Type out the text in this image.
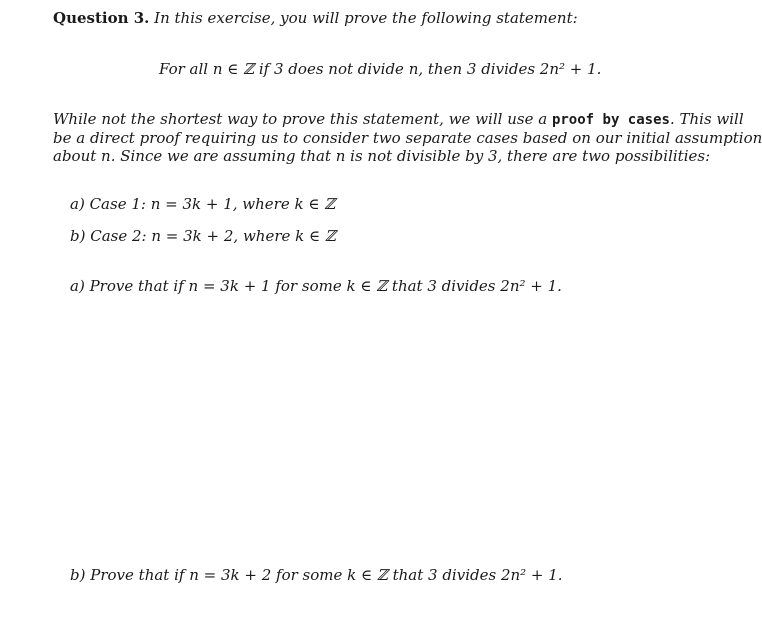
Question 3. In this exercise, you will prove the following statement:
For all n ∈ ℤ if 3 does not divide n, then 3 divides 2n² + 1.
While not the shortest way to prove this statement, we will use a proof by cases. This will
be a direct proof requiring us to consider two separate cases based on our initial assumption
about n. Since we are assuming that n is not divisible by 3, there are two possibilities:
a) Case 1: n = 3k + 1, where k ∈ ℤ
b) Case 2: n = 3k + 2, where k ∈ ℤ
a) Prove that if n = 3k + 1 for some k ∈ ℤ that 3 divides 2n² + 1.
b) Prove that if n = 3k + 2 for some k ∈ ℤ that 3 divides 2n² + 1.
